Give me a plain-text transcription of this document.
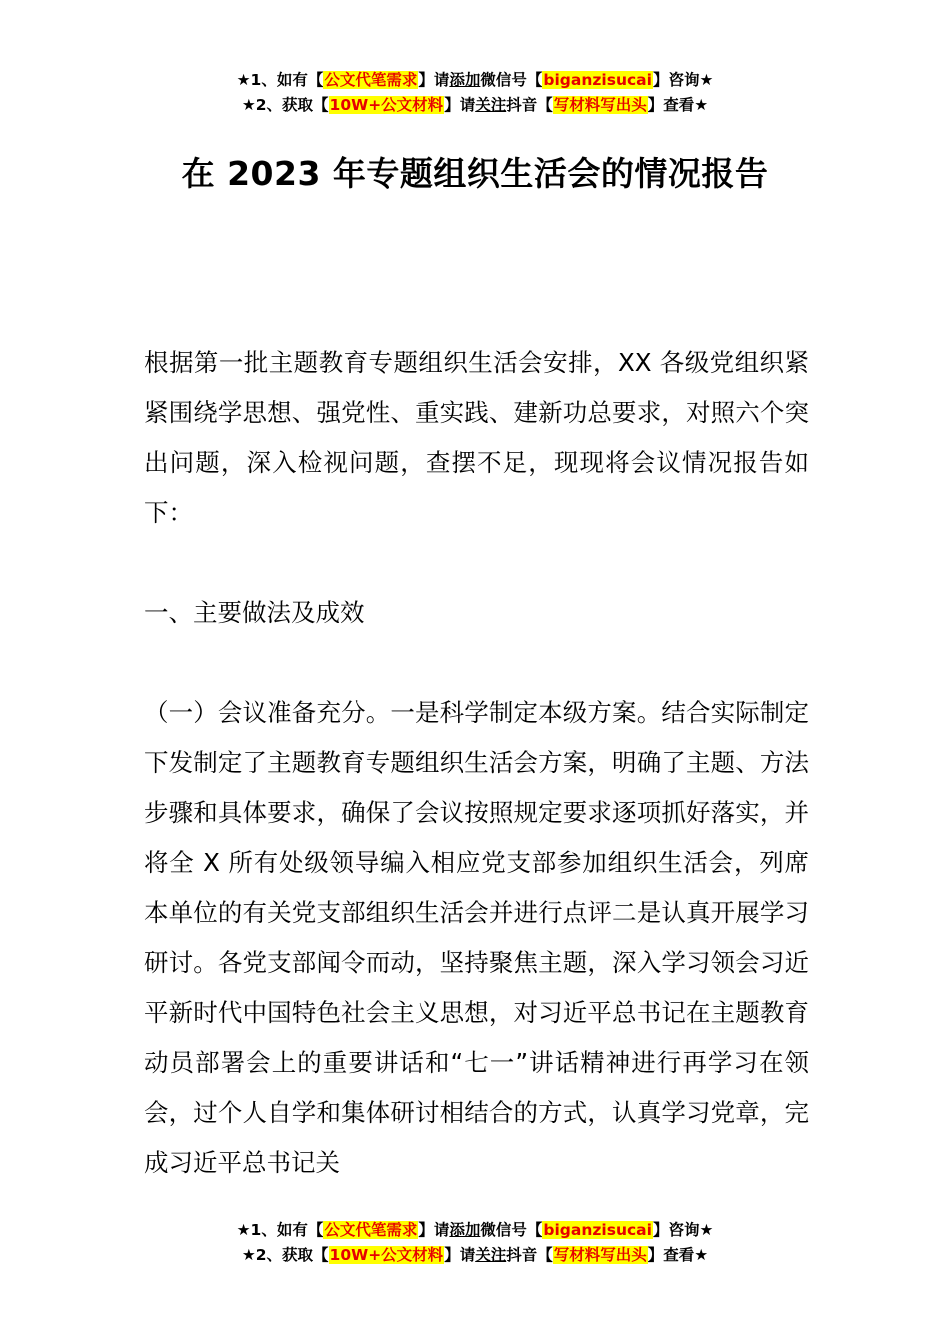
★1、如有【公文代笔需求】请添加微信号【biganzisucai】咨询★
★2、获取【10W+公文材料】请关注抖音【写材料写出头】查看★
在 2023 年专题组织生活会的情况报告
根据第一批主题教育专题组织生活会安排，XX 各级党组织紧紧围绕学思想、强党性、重实践、建新功总要求，对照六个突出问题，深入检视问题，查摆不足，现现将会议情况报告如下：
一、主要做法及成效
（一）会议准备充分。一是科学制定本级方案。结合实际制定下发制定了主题教育专题组织生活会方案，明确了主题、方法步骤和具体要求，确保了会议按照规定要求逐项抓好落实，并将全 X 所有处级领导编入相应党支部参加组织生活会，列席本单位的有关党支部组织生活会并进行点评二是认真开展学习研讨。各党支部闻令而动，坚持聚焦主题，深入学习领会习近平新时代中国特色社会主义思想，对习近平总书记在主题教育动员部署会上的重要讲话和“七一”讲话精神进行再学习在领会，过个人自学和集体研讨相结合的方式，认真学习党章，完成习近平总书记关
★1、如有【公文代笔需求】请添加微信号【biganzisucai】咨询★
★2、获取【10W+公文材料】请关注抖音【写材料写出头】查看★
